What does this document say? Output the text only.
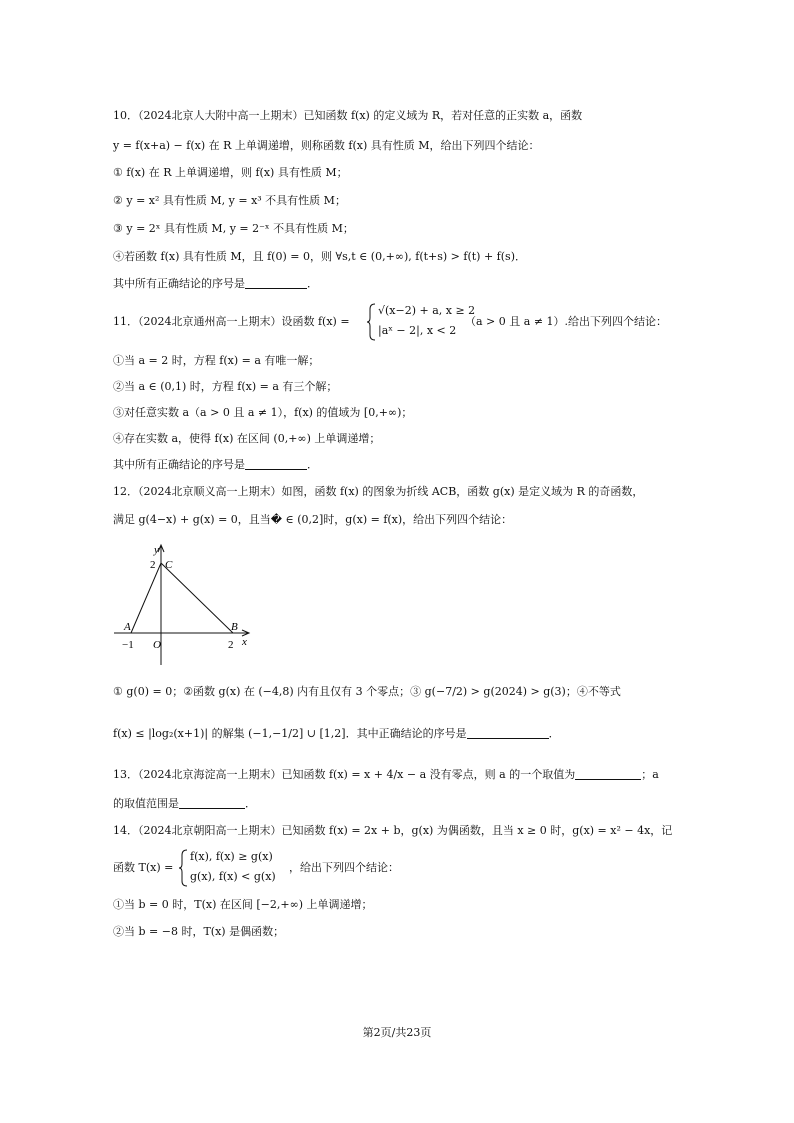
10．（2024北京人大附中高一上期末）已知函数 f(x) 的定义域为 R，若对任意的正实数 a，函数
y = f(x+a) − f(x) 在 R 上单调递增，则称函数 f(x) 具有性质 M，给出下列四个结论：
① f(x) 在 R 上单调递增，则 f(x) 具有性质 M；
② y = x² 具有性质 M, y = x³ 不具有性质 M；
③ y = 2ˣ 具有性质 M, y = 2⁻ˣ 不具有性质 M；
④若函数 f(x) 具有性质 M，且 f(0) = 0，则 ∀s,t ∈ (0,+∞), f(t+s) > f(t) + f(s)．
其中所有正确结论的序号是	．
11．（2024北京通州高一上期末）设函数 f(x) =
√(x−2) + a, x ≥ 2
|aˣ − 2|, x < 2
（a > 0 且 a ≠ 1）.给出下列四个结论：
①当 a = 2 时，方程 f(x) = a 有唯一解；
②当 a ∈ (0,1) 时，方程 f(x) = a 有三个解；
③对任意实数 a（a > 0 且 a ≠ 1），f(x) 的值域为 [0,+∞)；
④存在实数 a，使得 f(x) 在区间 (0,+∞) 上单调递增；
其中所有正确结论的序号是	．
12．（2024北京顺义高一上期末）如图，函数 f(x) 的图象为折线 ACB，函数 g(x) 是定义域为 R 的奇函数，
满足 g(4−x) + g(x) = 0，且当� ∈ (0,2]时，g(x) = f(x)，给出下列四个结论：
y
x
2 C
A	B
−1 O	2
① g(0) = 0；②函数 g(x) 在 (−4,8) 内有且仅有 3 个零点；③ g(−7/2) > g(2024) > g(3)；④不等式
f(x) ≤ |log₂(x+1)| 的解集 (−1,−1/2] ∪ [1,2]．其中正确结论的序号是	．
13．（2024北京海淀高一上期末）已知函数 f(x) = x + 4/x − a 没有零点，则 a 的一个取值为	；a
的取值范围是	．
14．（2024北京朝阳高一上期末）已知函数 f(x) = 2x + b，g(x) 为偶函数，且当 x ≥ 0 时，g(x) = x² − 4x，记
函数 T(x) =
f(x), f(x) ≥ g(x)
g(x), f(x) < g(x)
，给出下列四个结论：
①当 b = 0 时，T(x) 在区间 [−2,+∞) 上单调递增；
②当 b = −8 时，T(x) 是偶函数；
第2页/共23页
